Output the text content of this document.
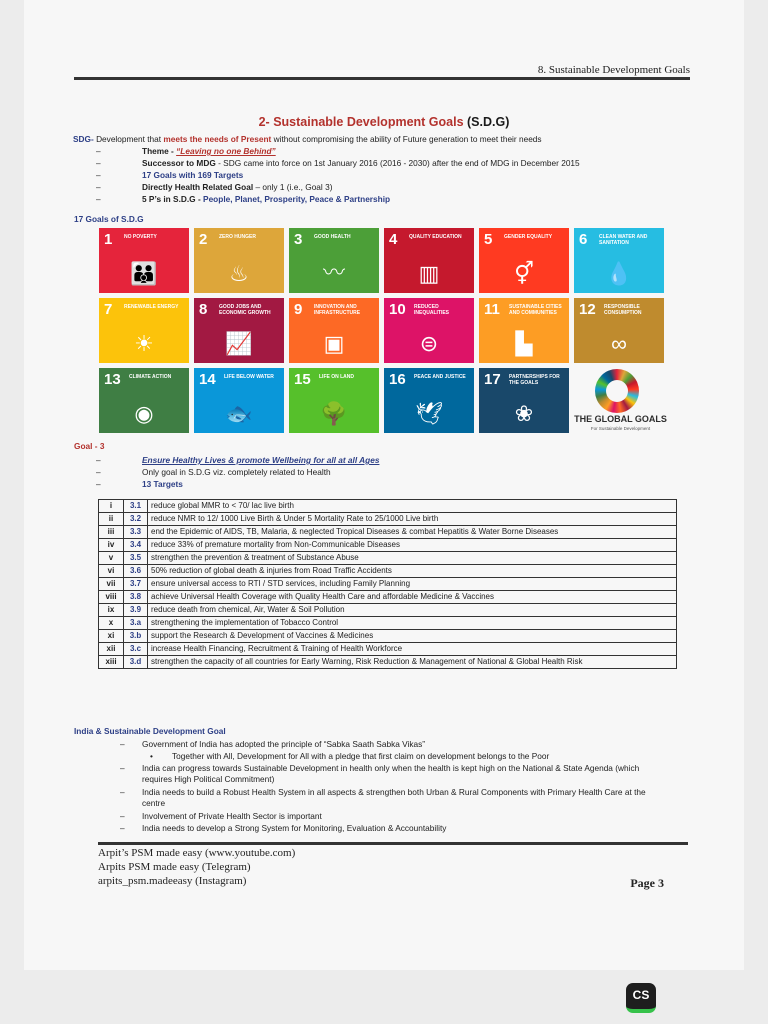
8. Sustainable Development Goals
2- Sustainable Development Goals (S.D.G)
SDG- Development that meets the needs of Present without compromising the ability of Future generation to meet their needs
–	Theme - “Leaving no one Behind”
–	Successor to MDG - SDG came into force on 1st January 2016 (2016 - 2030) after the end of MDG in December 2015
–	17 Goals with 169 Targets
–	Directly Health Related Goal – only 1 (i.e., Goal 3)
–	5 P’s in S.D.G - People, Planet, Prosperity, Peace & Partnership
17 Goals of S.D.G
THE GLOBAL GOALS
For Sustainable Development
1 NO POVERTY
👪
2 ZERO HUNGER
♨
3 GOOD HEALTH
〰
4 QUALITY EDUCATION
▥
5 GENDER EQUALITY
⚥
6 CLEAN WATER AND SANITATION
💧
7 RENEWABLE ENERGY
☀
8 GOOD JOBS AND ECONOMIC GROWTH
📈
9 INNOVATION AND INFRASTRUCTURE
▣
10 REDUCED INEQUALITIES
⊜
11 SUSTAINABLE CITIES AND COMMUNITIES
▙
12 RESPONSIBLE CONSUMPTION
∞
13 CLIMATE ACTION
◉
14 LIFE BELOW WATER
🐟
15 LIFE ON LAND
🌳
16 PEACE AND JUSTICE
🕊
17 PARTNERSHIPS FOR THE GOALS
❀
Goal - 3
–	Ensure Healthy Lives & promote Wellbeing for all at all Ages
–	Only goal in S.D.G viz. completely related to Health
–	13 Targets
i	3.1	reduce global MMR to < 70/ lac live birth
ii	3.2	reduce NMR to 12/ 1000 Live Birth & Under 5 Mortality Rate to 25/1000 Live birth
iii	3.3	end the Epidemic of AIDS, TB, Malaria, & neglected Tropical Diseases & combat Hepatitis & Water Borne Diseases
iv	3.4	reduce 33% of premature mortality from Non-Communicable Diseases
v	3.5	strengthen the prevention & treatment of Substance Abuse
vi	3.6	50% reduction of global death & injuries from Road Traffic Accidents
vii	3.7	ensure universal access to RTI / STD services, including Family Planning
viii	3.8	achieve Universal Health Coverage with Quality Health Care and affordable Medicine & Vaccines
ix	3.9	reduce death from chemical, Air, Water & Soil Pollution
x	3.a	strengthening the implementation of Tobacco Control
xi	3.b	support the Research & Development of Vaccines & Medicines
xii	3.c	increase Health Financing, Recruitment & Training of Health Workforce
xiii	3.d	strengthen the capacity of all countries for Early Warning, Risk Reduction & Management of National & Global Health Risk
India & Sustainable Development Goal
– Government of India has adopted the principle of “Sabka Saath Sabka Vikas”
• Together with All, Development for All with a pledge that first claim on development belongs to the Poor
– India can progress towards Sustainable Development in health only when the health is kept high on the National & State Agenda (which requires High Political Commitment)
– India needs to build a Robust Health System in all aspects & strengthen both Urban & Rural Components with Primary Health Care at the centre
– Involvement of Private Health Sector is important
– India needs to develop a Strong System for Monitoring, Evaluation & Accountability
Arpit’s PSM made easy (www.youtube.com)
Arpits PSM made easy (Telegram)
arpits_psm.madeeasy (Instagram)	Page 3
CS
